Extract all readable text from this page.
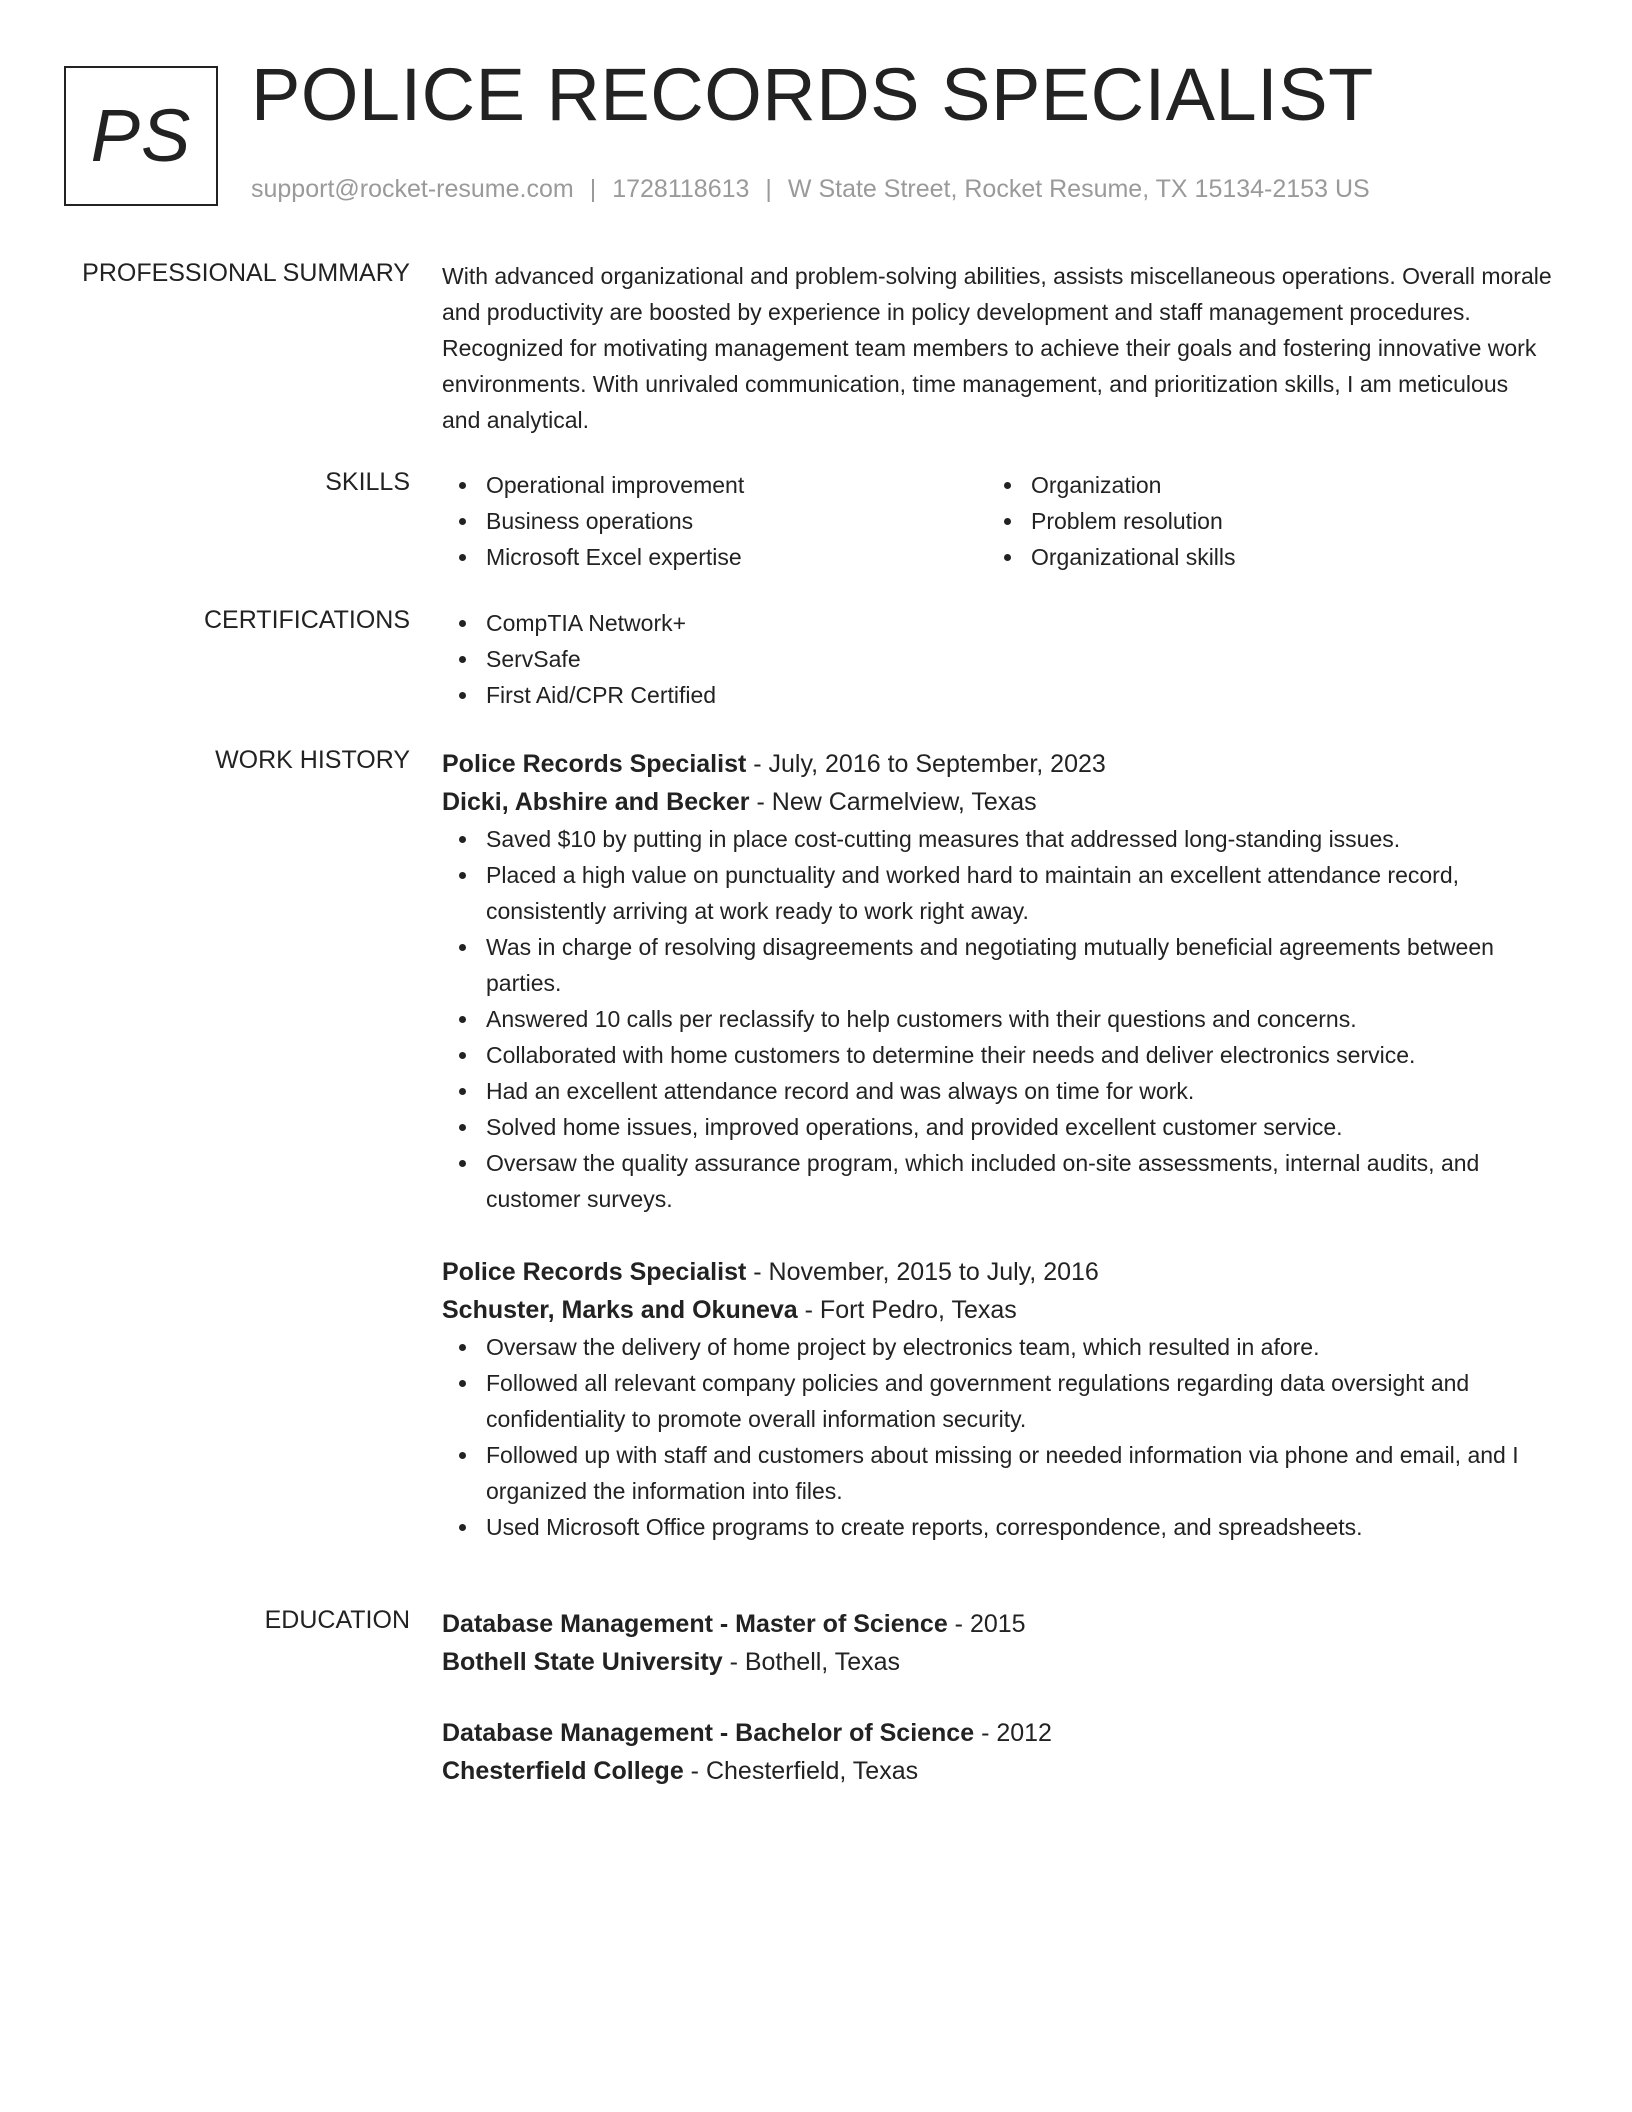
PS POLICE RECORDS SPECIALIST
support@rocket-resume.com | 1728118613 | W State Street, Rocket Resume, TX 15134-2153 US
PROFESSIONAL SUMMARY With advanced organizational and problem-solving abilities, assists miscellaneous operations. Overall morale and productivity are boosted by experience in policy development and staff management procedures. Recognized for motivating management team members to achieve their goals and fostering innovative work environments. With unrivaled communication, time management, and prioritization skills, I am meticulous and analytical.

SKILLS	Operational improvement
Business operations
Microsoft Excel expertise
Organization
Problem resolution
Organizational skills
CERTIFICATIONS	CompTIA Network+
ServSafe
First Aid/CPR Certified
WORK HISTORY Police Records Specialist - July, 2016 to September, 2023
Dicki, Abshire and Becker - New Carmelview, Texas
Saved $10 by putting in place cost-cutting measures that addressed long-standing issues.
Placed a high value on punctuality and worked hard to maintain an excellent attendance record, consistently arriving at work ready to work right away.
Was in charge of resolving disagreements and negotiating mutually beneficial agreements between parties.
Answered 10 calls per reclassify to help customers with their questions and concerns.
Collaborated with home customers to determine their needs and deliver electronics service.
Had an excellent attendance record and was always on time for work.
Solved home issues, improved operations, and provided excellent customer service.
Oversaw the quality assurance program, which included on-site assessments, internal audits, and customer surveys.
Police Records Specialist - November, 2015 to July, 2016
Schuster, Marks and Okuneva - Fort Pedro, Texas
Oversaw the delivery of home project by electronics team, which resulted in afore.
Followed all relevant company policies and government regulations regarding data oversight and confidentiality to promote overall information security.
Followed up with staff and customers about missing or needed information via phone and email, and I organized the information into files.
Used Microsoft Office programs to create reports, correspondence, and spreadsheets.
EDUCATION Database Management - Master of Science - 2015
Bothell State University - Bothell, Texas
Database Management - Bachelor of Science - 2012
Chesterfield College - Chesterfield, Texas
